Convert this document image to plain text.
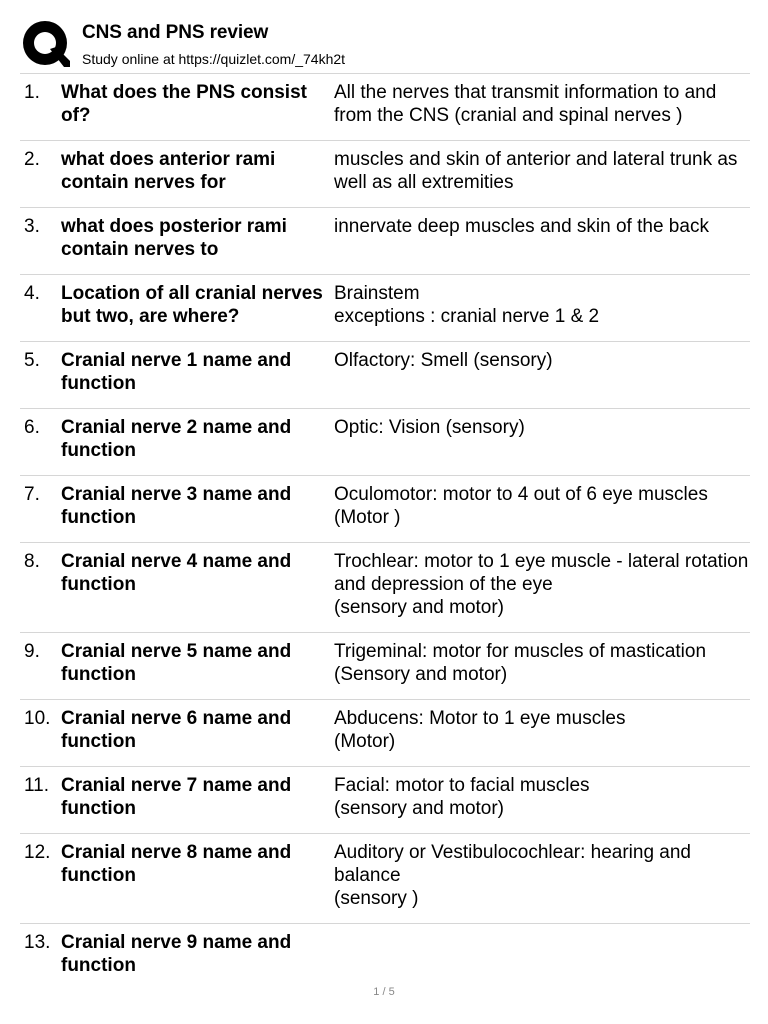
CNS and PNS review
Study online at https://quizlet.com/_74kh2t
1.	What does the PNS consist of?
All the nerves that transmit information to and from the CNS (cranial and spinal nerves )
2.	what does anterior rami contain nerves for
muscles and skin of anterior and lateral trunk as well as all extremities
3.	what does posterior rami contain nerves to
innervate deep muscles and skin of the back
4.	Location of all cranial nerves but two, are where?
Brainstem
exceptions : cranial nerve 1 & 2
5.	Cranial nerve 1 name and function
Olfactory: Smell (sensory)
6.	Cranial nerve 2 name and function
Optic: Vision (sensory)
7.	Cranial nerve 3 name and function
Oculomotor: motor to 4 out of 6 eye muscles (Motor )
8.	Cranial nerve 4 name and function
Trochlear: motor to 1 eye muscle - lateral rotation and depression of the eye
(sensory and motor)
9.	Cranial nerve 5 name and function
Trigeminal: motor for muscles of mastication (Sensory and motor)
10. Cranial nerve 6 name and function
Abducens: Motor to 1 eye muscles
(Motor)
11. Cranial nerve 7 name and function
Facial: motor to facial muscles
(sensory and motor)
12. Cranial nerve 8 name and function
Auditory or Vestibulocochlear: hearing and balance
(sensory )
13. Cranial nerve 9 name and function
1 / 5
